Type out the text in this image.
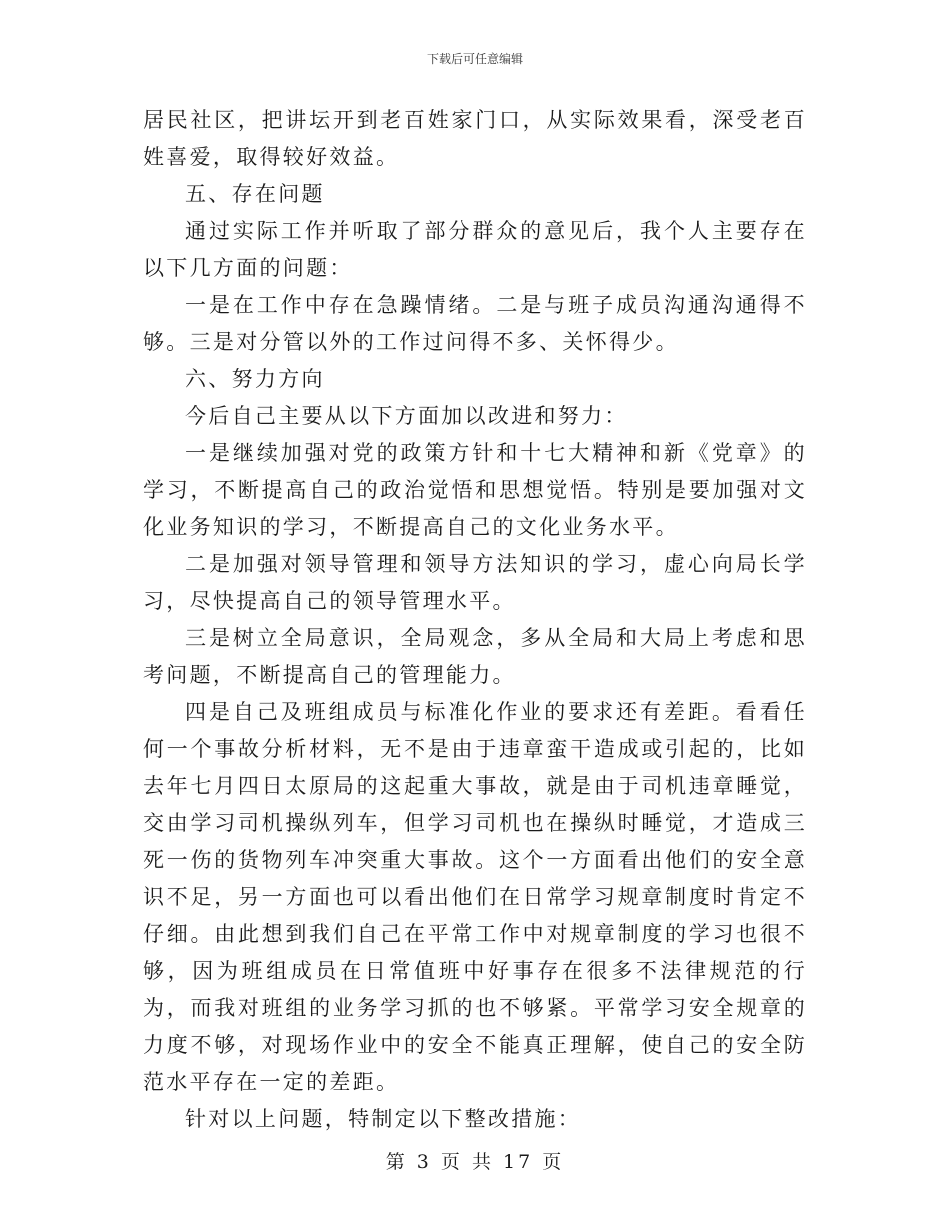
下载后可任意编辑

居民社区，把讲坛开到老百姓家门口，从实际效果看，深受老百姓喜爱，取得较好效益。

五、存在问题

通过实际工作并听取了部分群众的意见后，我个人主要存在以下几方面的问题：

一是在工作中存在急躁情绪。二是与班子成员沟通沟通得不够。三是对分管以外的工作过问得不多、关怀得少。

六、努力方向

今后自己主要从以下方面加以改进和努力：

一是继续加强对党的政策方针和十七大精神和新《党章》的学习，不断提高自己的政治觉悟和思想觉悟。特别是要加强对文化业务知识的学习，不断提高自己的文化业务水平。

二是加强对领导管理和领导方法知识的学习，虚心向局长学习，尽快提高自己的领导管理水平。

三是树立全局意识，全局观念，多从全局和大局上考虑和思考问题，不断提高自己的管理能力。

四是自己及班组成员与标准化作业的要求还有差距。看看任何一个事故分析材料，无不是由于违章蛮干造成或引起的，比如去年七月四日太原局的这起重大事故，就是由于司机违章睡觉，交由学习司机操纵列车，但学习司机也在操纵时睡觉，才造成三死一伤的货物列车冲突重大事故。这个一方面看出他们的安全意识不足，另一方面也可以看出他们在日常学习规章制度时肯定不仔细。由此想到我们自己在平常工作中对规章制度的学习也很不够，因为班组成员在日常值班中好事存在很多不法律规范的行为，而我对班组的业务学习抓的也不够紧。平常学习安全规章的力度不够，对现场作业中的安全不能真正理解，使自己的安全防范水平存在一定的差距。

针对以上问题，特制定以下整改措施：

第 3 页 共 17 页
